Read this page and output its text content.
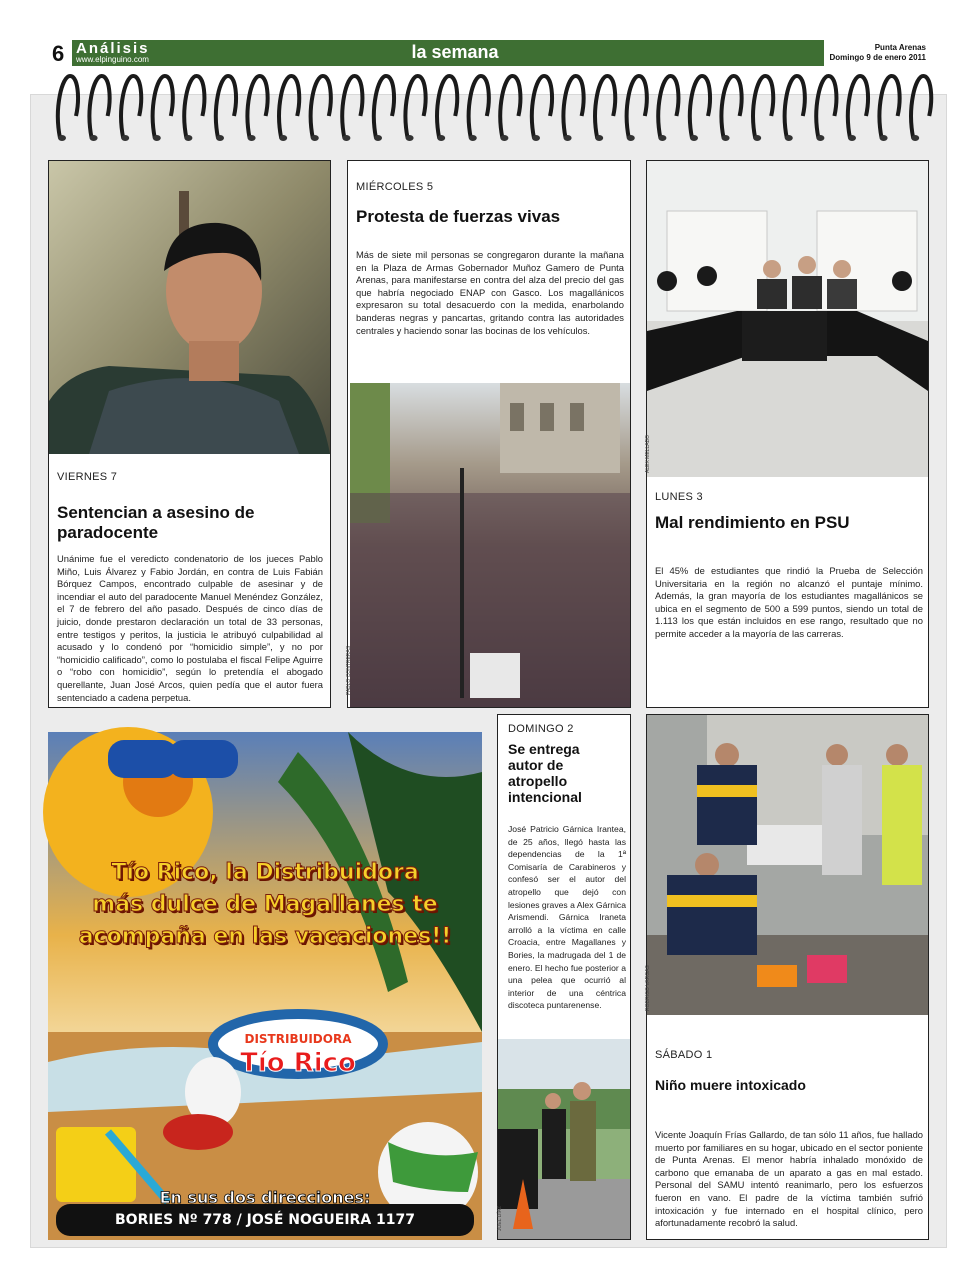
6 Análisis
www.elpinguino.com	la semana	Punta Arenas
Domingo 9 de enero 2011
VIERNES 7
Sentencian a asesino de paradocente
Unánime fue el veredicto condenatorio de los jueces Pablo Miño, Luis Álvarez y Fabio Jordán, en contra de Luis Fabián Bórquez Campos, encontrado culpable de asesinar y de incendiar el auto del paradocente Manuel Menéndez González, el 7 de febrero del año pasado. Después de cinco días de juicio, donde prestaron declaración un total de 33 personas, entre testigos y peritos, la justicia le atribuyó culpabilidad al acusado y lo condenó por “homicidio simple”, y no por “homicidio calificado”, como lo postulaba el fiscal Felipe Aguirre o “robo con homicidio”, según lo pretendía el abogado querellante, Juan José Arcos, quien pedía que el autor fuera sentenciado a cadena perpetua.
MIÉRCOLES 5
Protesta de fuerzas vivas
Más de siete mil personas se congregaron durante la mañana en la Plaza de Armas Gobernador Muñoz Gamero de Punta Arenas, para manifestarse en contra del alza del precio del gas que habría negociado ENAP con Gasco. Los magallánicos expresaron su total desacuerdo con la medida, enarbolando banderas negras y pancartas, gritando contra las autoridades centrales y haciendo sonar las bocinas de los vehículos.
PABLO CONTRERAS
ALEX MELLADO
LUNES 3
Mal rendimiento en PSU
El 45% de estudiantes que rindió la Prueba de Selección Universitaria en la región no alcanzó el puntaje mínimo. Además, la gran mayoría de los estudiantes magallánicos se ubica en el segmento de 500 a 599 puntos, siendo un total de 1.113 los que están incluidos en ese rango, resultado que no permite acceder a la mayoría de las carreras.
Tío Rico, la Distribuidora
más dulce de Magallanes te
acompaña en las vacaciones!!
DISTRIBUIDORA
Tío Rico
En sus dos direcciones:
BORIES Nº 778 / JOSÉ NOGUEIRA 1177
DOMINGO 2
Se entrega autor de atropello intencional
José Patricio Gárnica Irantea, de 25 años, llegó hasta las dependencias de la 1ª Comisaría de Carabineros y confesó ser el autor del atropello que dejó con lesiones graves a Alex Gárnica Arismendi. Gárnica Iraneta arrolló a la víctima en calle Croacia, entre Magallanes y Bories, la madrugada del 1 de enero. El hecho fue posterior a una pelea que ocurrió al interior de una céntrica discoteca puntarenense.
JOEL DÍAZ
RODRIGO VARGAS
SÁBADO 1
Niño muere intoxicado
Vicente Joaquín Frías Gallardo, de tan sólo 11 años, fue hallado muerto por familiares en su hogar, ubicado en el sector poniente de Punta Arenas. El menor habría inhalado monóxido de carbono que emanaba de un aparato a gas en mal estado. Personal del SAMU intentó reanimarlo, pero los esfuerzos fueron en vano. El padre de la víctima también sufrió intoxicación y fue internado en el hospital clínico, pero afortunadamente recobró la salud.
